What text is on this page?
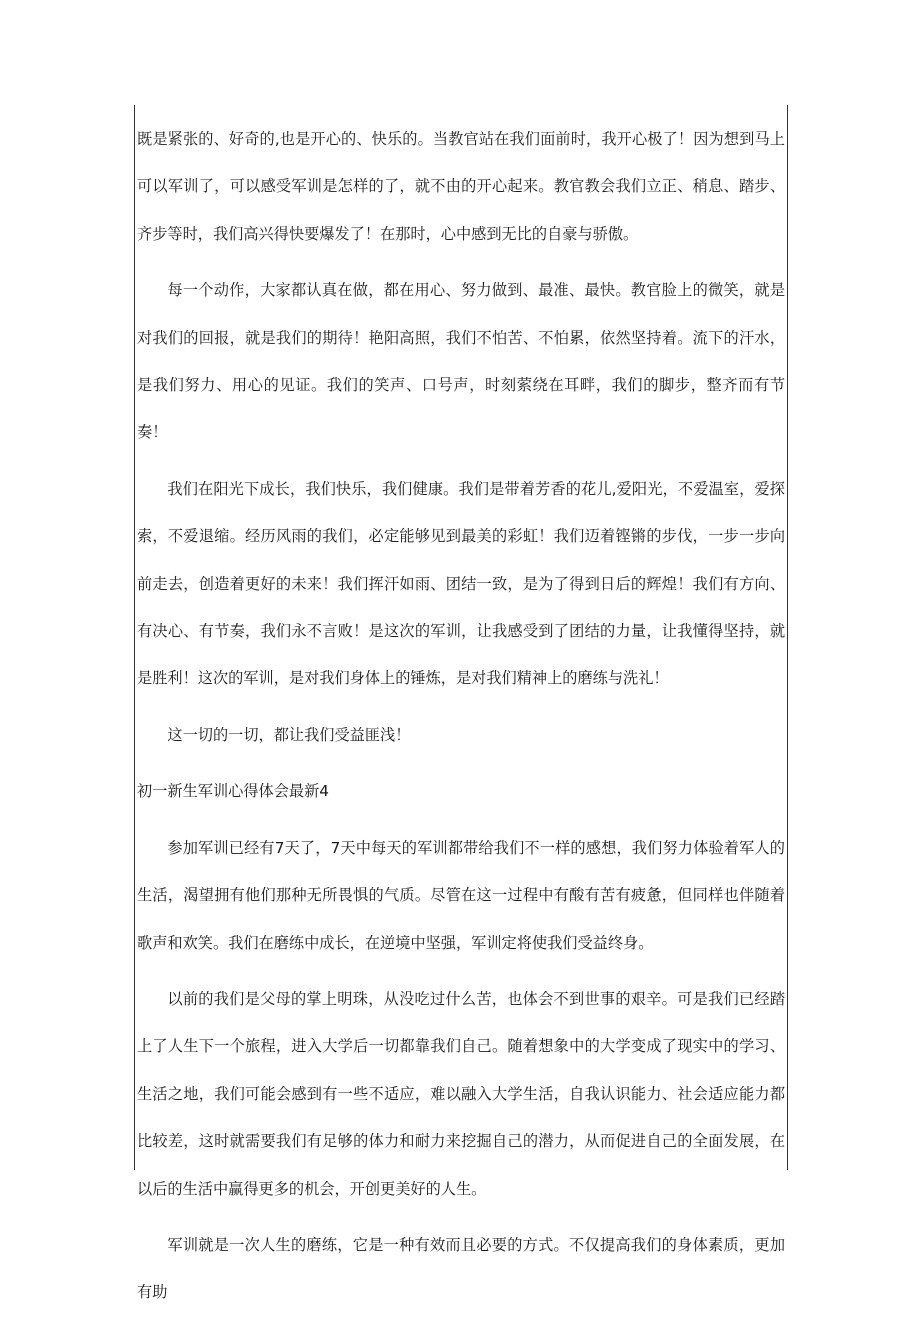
既是紧张的、好奇的,也是开心的、快乐的。当教官站在我们面前时，我开心极了！因为想到马上可以军训了，可以感受军训是怎样的了，就不由的开心起来。教官教会我们立正、稍息、踏步、齐步等时，我们高兴得快要爆发了！在那时，心中感到无比的自豪与骄傲。

每一个动作，大家都认真在做，都在用心、努力做到、最准、最快。教官脸上的微笑，就是对我们的回报，就是我们的期待！艳阳高照，我们不怕苦、不怕累，依然坚持着。流下的汗水，是我们努力、用心的见证。我们的笑声、口号声，时刻萦绕在耳畔，我们的脚步，整齐而有节奏！

我们在阳光下成长，我们快乐，我们健康。我们是带着芳香的花儿,爱阳光，不爱温室，爱探索，不爱退缩。经历风雨的我们，必定能够见到最美的彩虹！我们迈着铿锵的步伐，一步一步向前走去，创造着更好的未来！我们挥汗如雨、团结一致，是为了得到日后的辉煌！我们有方向、有决心、有节奏，我们永不言败！是这次的军训，让我感受到了团结的力量，让我懂得坚持，就是胜利！这次的军训，是对我们身体上的锤炼，是对我们精神上的磨练与洗礼！

这一切的一切，都让我们受益匪浅！

初一新生军训心得体会最新4

参加军训已经有7天了，7天中每天的军训都带给我们不一样的感想，我们努力体验着军人的生活，渴望拥有他们那种无所畏惧的气质。尽管在这一过程中有酸有苦有疲惫，但同样也伴随着歌声和欢笑。我们在磨练中成长，在逆境中坚强，军训定将使我们受益终身。

以前的我们是父母的掌上明珠，从没吃过什么苦，也体会不到世事的艰辛。可是我们已经踏上了人生下一个旅程，进入大学后一切都靠我们自己。随着想象中的大学变成了现实中的学习、生活之地，我们可能会感到有一些不适应，难以融入大学生活，自我认识能力、社会适应能力都比较差，这时就需要我们有足够的体力和耐力来挖掘自己的潜力，从而促进自己的全面发展，在以后的生活中赢得更多的机会，开创更美好的人生。

军训就是一次人生的磨练，它是一种有效而且必要的方式。不仅提高我们的身体素质，更加有助
